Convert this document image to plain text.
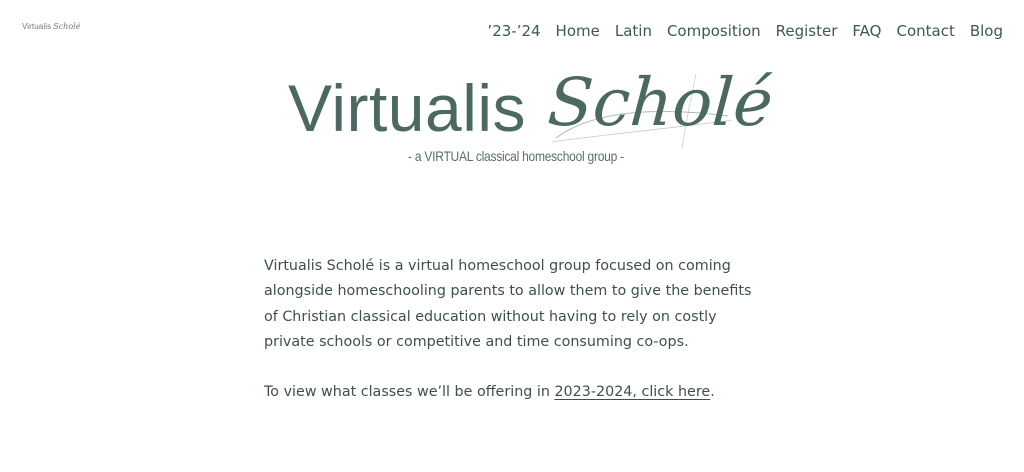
Virtualis Scholé	’23-’24 Home Latin Composition Register FAQ Contact Blog
Virtualis Scholé
- a VIRTUAL classical homeschool group -

Virtualis Scholé is a virtual homeschool group focused on coming alongside homeschooling parents to allow them to give the benefits of Christian classical education without having to rely on costly private schools or competitive and time consuming co-ops.

To view what classes we’ll be offering in 2023-2024, click here.
